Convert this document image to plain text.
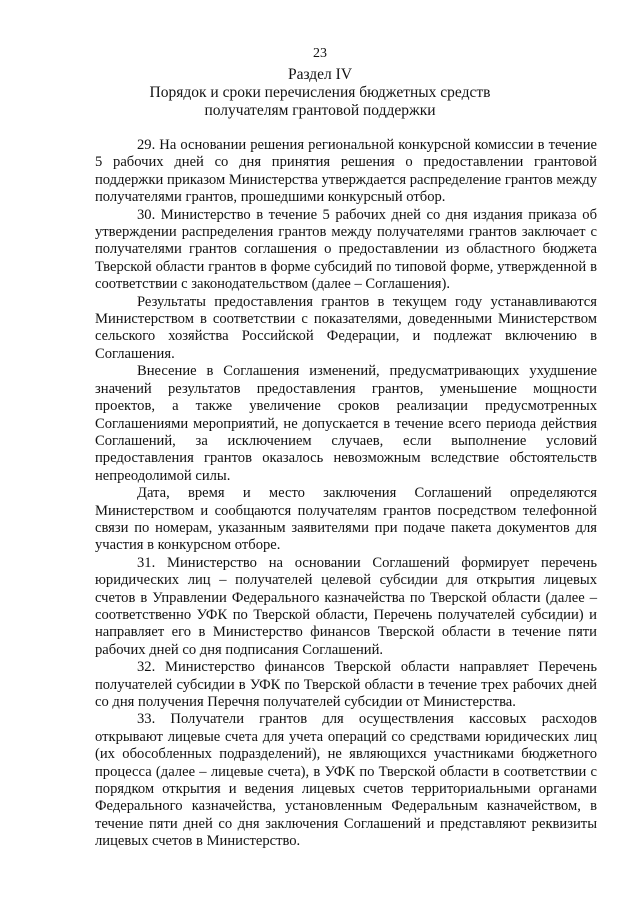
23
Раздел IV
Порядок и сроки перечисления бюджетных средств
получателям грантовой поддержки

29. На основании решения региональной конкурсной комиссии в течение 5 рабочих дней со дня принятия решения о предоставлении грантовой поддержки приказом Министерства утверждается распределение грантов между получателями грантов, прошедшими конкурсный отбор.

30. Министерство в течение 5 рабочих дней со дня издания приказа об утверждении распределения грантов между получателями грантов заключает с получателями грантов соглашения о предоставлении из областного бюджета Тверской области грантов в форме субсидий по типовой форме, утвержденной в соответствии с законодательством (далее – Соглашения).

Результаты предоставления грантов в текущем году устанавливаются Министерством в соответствии с показателями, доведенными Министерством сельского хозяйства Российской Федерации, и подлежат включению в Соглашения.

Внесение в Соглашения изменений, предусматривающих ухудшение значений результатов предоставления грантов, уменьшение мощности проектов, а также увеличение сроков реализации предусмотренных Соглашениями мероприятий, не допускается в течение всего периода действия Соглашений, за исключением случаев, если выполнение условий предоставления грантов оказалось невозможным вследствие обстоятельств непреодолимой силы.

Дата, время и место заключения Соглашений определяются Министерством и сообщаются получателям грантов посредством телефонной связи по номерам, указанным заявителями при подаче пакета документов для участия в конкурсном отборе.

31. Министерство на основании Соглашений формирует перечень юридических лиц – получателей целевой субсидии для открытия лицевых счетов в Управлении Федерального казначейства по Тверской области (далее – соответственно УФК по Тверской области, Перечень получателей субсидии) и направляет его в Министерство финансов Тверской области в течение пяти рабочих дней со дня подписания Соглашений.

32. Министерство финансов Тверской области направляет Перечень получателей субсидии в УФК по Тверской области в течение трех рабочих дней со дня получения Перечня получателей субсидии от Министерства.

33. Получатели грантов для осуществления кассовых расходов открывают лицевые счета для учета операций со средствами юридических лиц (их обособленных подразделений), не являющихся участниками бюджетного процесса (далее – лицевые счета), в УФК по Тверской области в соответствии с порядком открытия и ведения лицевых счетов территориальными органами Федерального казначейства, установленным Федеральным казначейством, в течение пяти дней со дня заключения Соглашений и представляют реквизиты лицевых счетов в Министерство.
